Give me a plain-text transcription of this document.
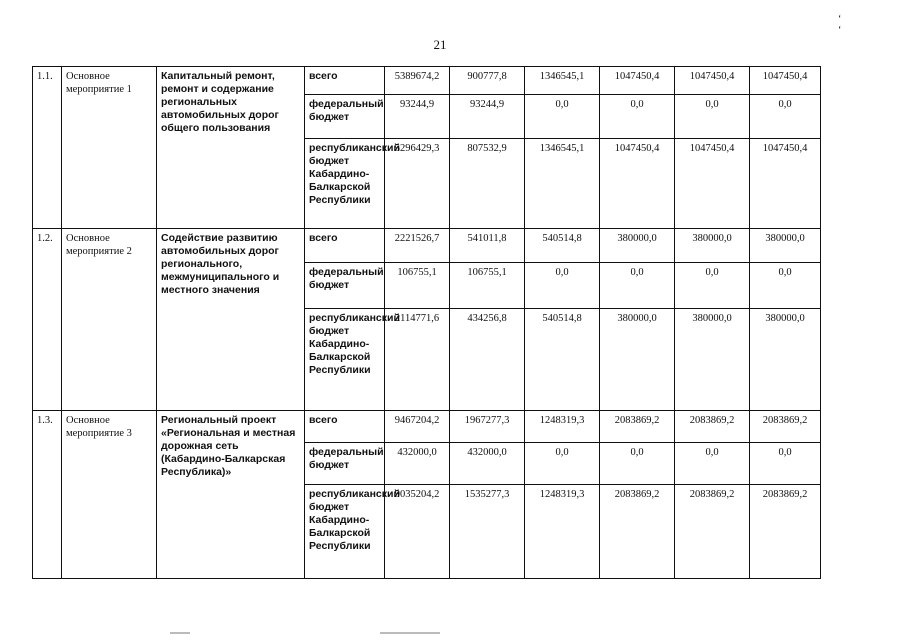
21
ʻ ʻ
1.1.	Основное мероприятие 1	Капитальный ремонт, ремонт и содержание региональных автомобильных дорог общего пользования	всего	5389674,2	900777,8	1346545,1	1047450,4	1047450,4	1047450,4
			федеральный бюджет	93244,9	93244,9	0,0	0,0	0,0	0,0
			республиканский бюджет Кабардино-Балкарской Республики	5296429,3	807532,9	1346545,1	1047450,4	1047450,4	1047450,4
1.2.	Основное мероприятие 2	Содействие развитию автомобильных дорог регионального, межмуниципального и местного значения	всего	2221526,7	541011,8	540514,8	380000,0	380000,0	380000,0
			федеральный бюджет	106755,1	106755,1	0,0	0,0	0,0	0,0
			республиканский бюджет Кабардино-Балкарской Республики	2114771,6	434256,8	540514,8	380000,0	380000,0	380000,0
1.3.	Основное мероприятие 3	Региональный проект «Региональная и местная дорожная сеть (Кабардино-Балкарская Республика)»	всего	9467204,2	1967277,3	1248319,3	2083869,2	2083869,2	2083869,2
			федеральный бюджет	432000,0	432000,0	0,0	0,0	0,0	0,0
			республиканский бюджет Кабардино-Балкарской Республики	9035204,2	1535277,3	1248319,3	2083869,2	2083869,2	2083869,2
